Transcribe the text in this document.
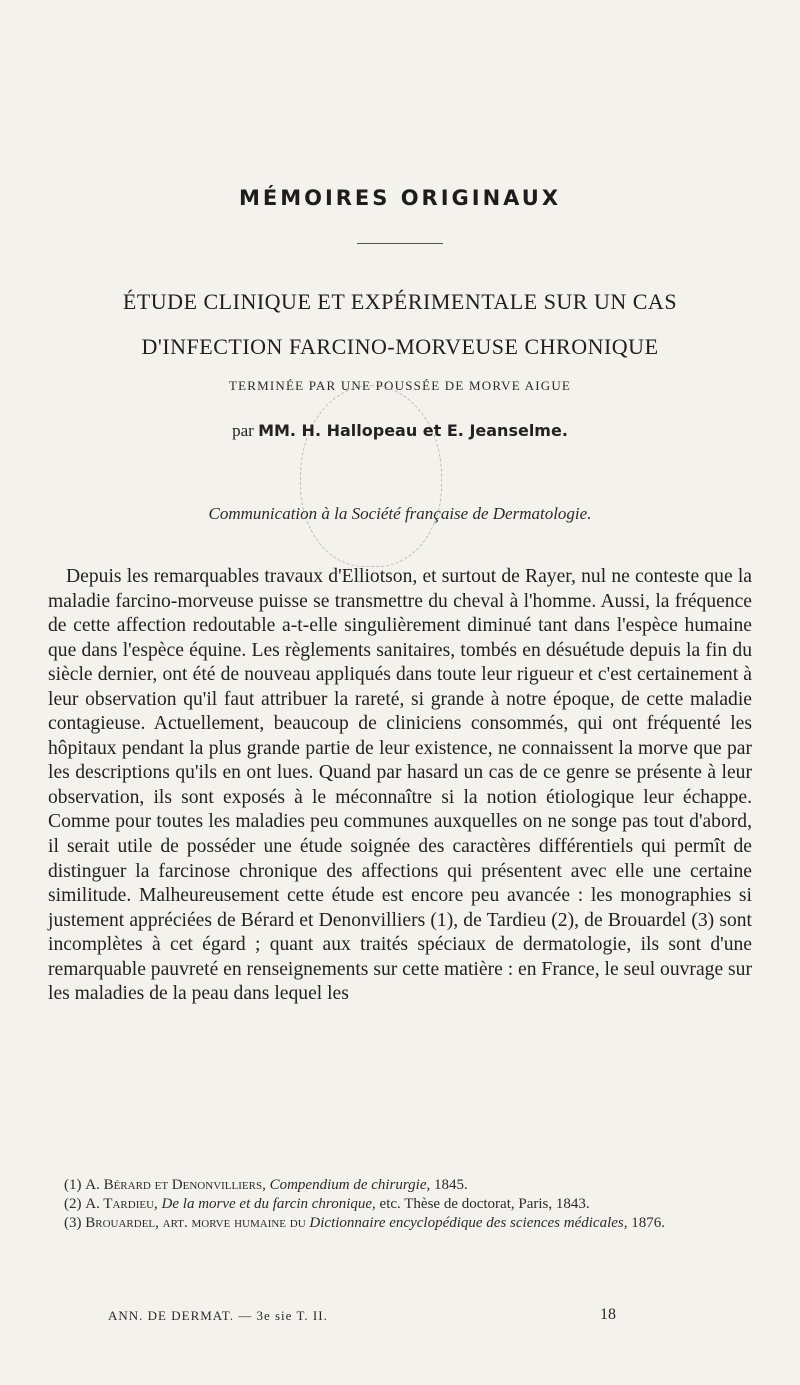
MÉMOIRES ORIGINAUX
ÉTUDE CLINIQUE ET EXPÉRIMENTALE SUR UN CAS
D'INFECTION FARCINO-MORVEUSE CHRONIQUE
TERMINÉE PAR UNE POUSSÉE DE MORVE AIGUE
par MM. H. Hallopeau et E. Jeanselme.
Communication à la Société française de Dermatologie.

Depuis les remarquables travaux d'Elliotson, et surtout de Rayer, nul ne conteste que la maladie farcino-morveuse puisse se transmettre du cheval à l'homme. Aussi, la fréquence de cette affection redoutable a-t-elle singulièrement diminué tant dans l'espèce humaine que dans l'espèce équine. Les règlements sanitaires, tombés en désuétude depuis la fin du siècle dernier, ont été de nouveau appliqués dans toute leur rigueur et c'est certainement à leur observation qu'il faut attribuer la rareté, si grande à notre époque, de cette maladie contagieuse. Actuellement, beaucoup de cliniciens consommés, qui ont fréquenté les hôpitaux pendant la plus grande partie de leur existence, ne connaissent la morve que par les descriptions qu'ils en ont lues. Quand par hasard un cas de ce genre se présente à leur observation, ils sont exposés à le méconnaître si la notion étiologique leur échappe. Comme pour toutes les maladies peu communes auxquelles on ne songe pas tout d'abord, il serait utile de posséder une étude soignée des caractères différentiels qui permît de distinguer la farcinose chronique des affections qui présentent avec elle une certaine similitude. Malheureusement cette étude est encore peu avancée : les monographies si justement appréciées de Bérard et Denonvilliers (1), de Tardieu (2), de Brouardel (3) sont incomplètes à cet égard ; quant aux traités spéciaux de dermatologie, ils sont d'une remarquable pauvreté en renseignements sur cette matière : en France, le seul ouvrage sur les maladies de la peau dans lequel les

(1) A. Bérard et Denonvilliers, Compendium de chirurgie, 1845.

(2) A. Tardieu, De la morve et du farcin chronique, etc. Thèse de doctorat, Paris, 1843.

(3) Brouardel, art. morve humaine du Dictionnaire encyclopédique des sciences médicales, 1876.

ANN. DE DERMAT. — 3e sie T. II.	18
